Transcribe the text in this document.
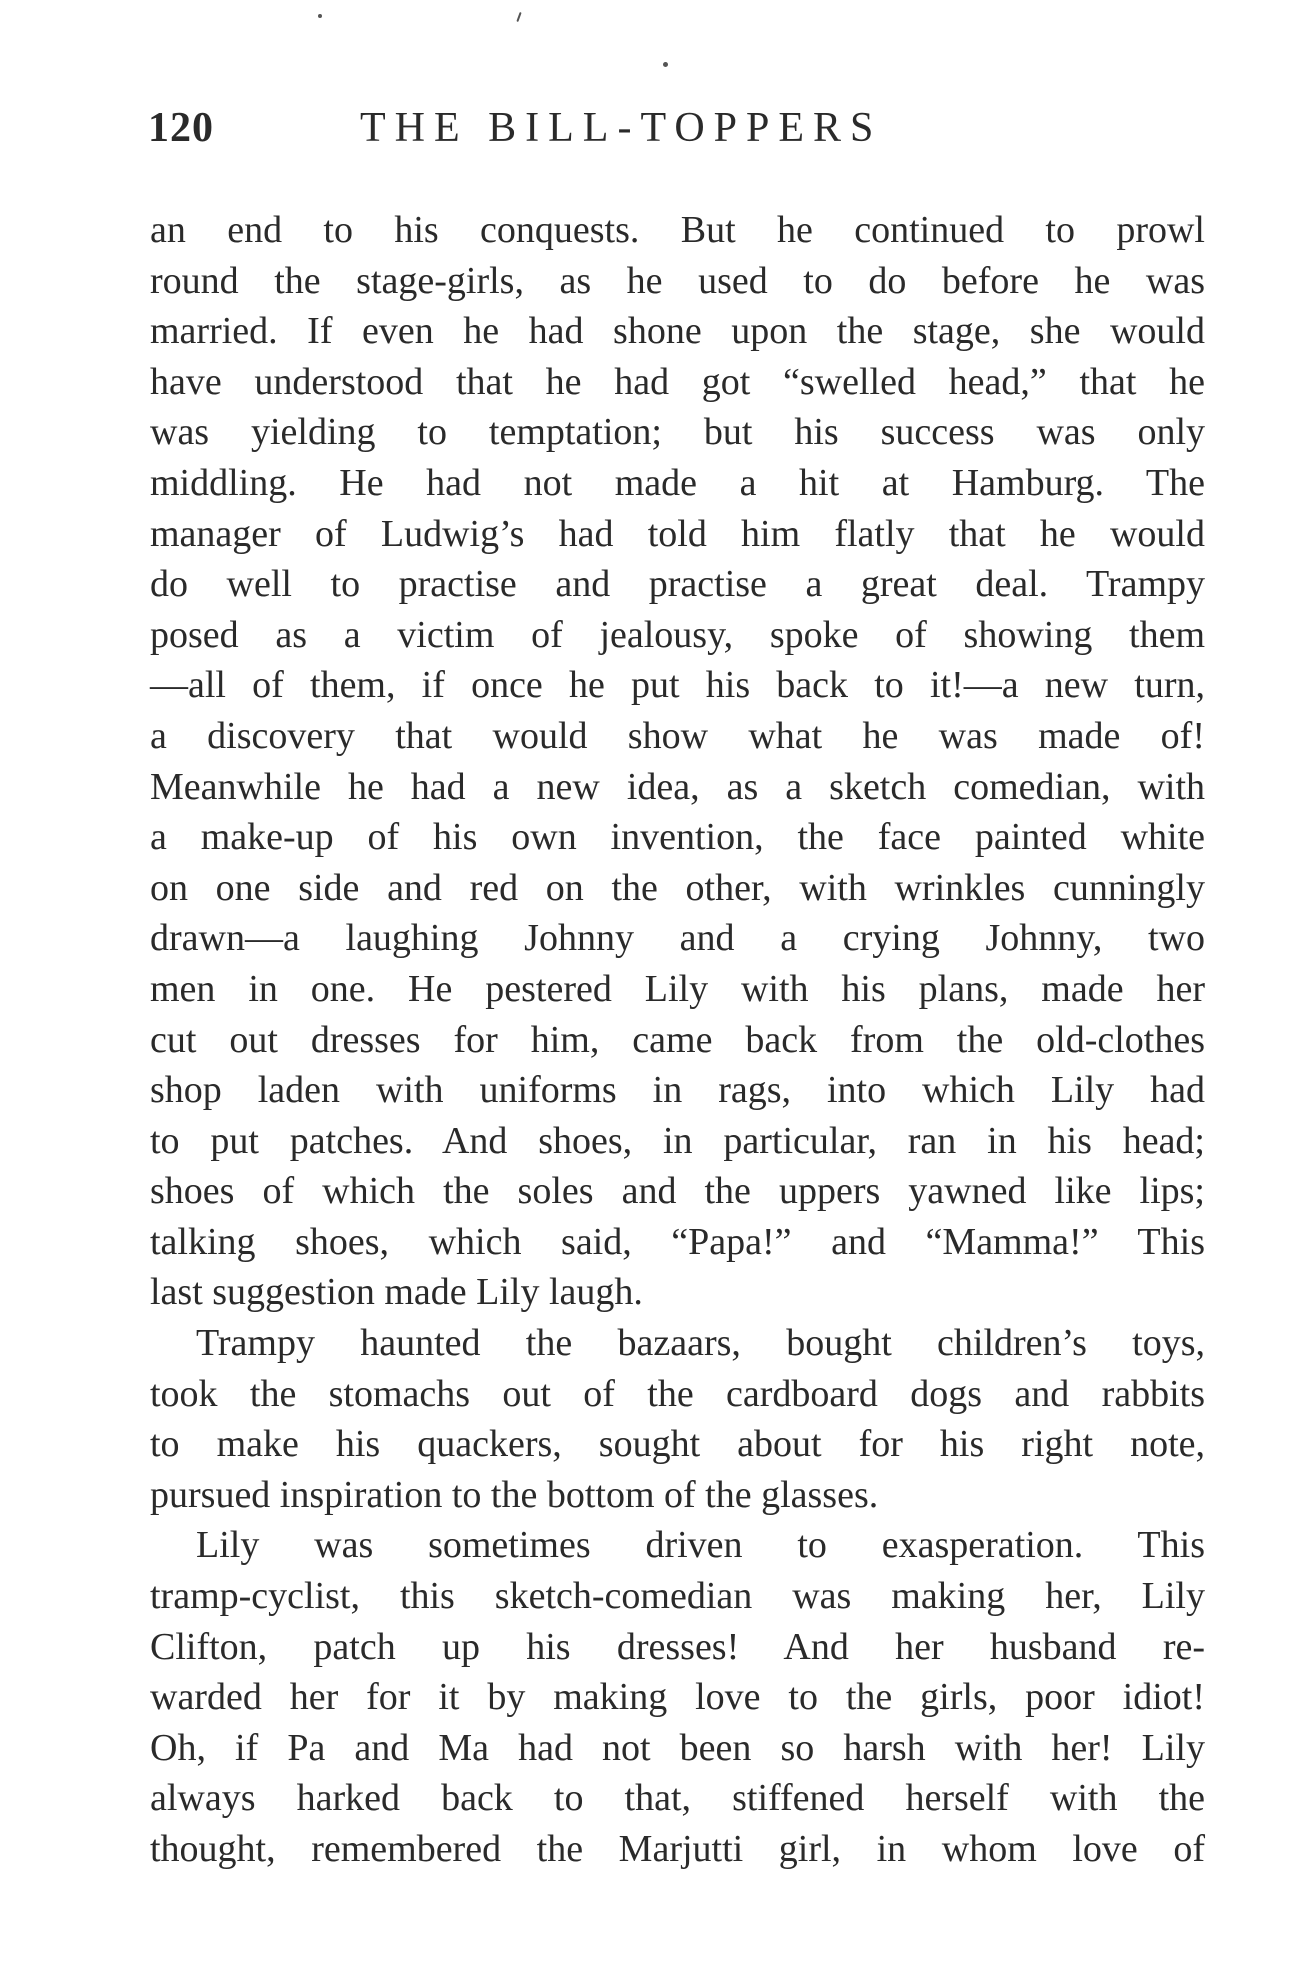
120	THE BILL-TOPPERS
an end to his conquests. But he continued to prowl
round the stage-girls, as he used to do before he was
married. If even he had shone upon the stage, she would
have understood that he had got “swelled head,” that he
was yielding to temptation; but his success was only
middling. He had not made a hit at Hamburg. The
manager of Ludwig’s had told him flatly that he would
do well to practise and practise a great deal. Trampy
posed as a victim of jealousy, spoke of showing them
—all of them, if once he put his back to it!—a new turn,
a discovery that would show what he was made of!
Meanwhile he had a new idea, as a sketch comedian, with
a make-up of his own invention, the face painted white
on one side and red on the other, with wrinkles cunningly
drawn—a laughing Johnny and a crying Johnny, two
men in one. He pestered Lily with his plans, made her
cut out dresses for him, came back from the old-clothes
shop laden with uniforms in rags, into which Lily had
to put patches. And shoes, in particular, ran in his head;
shoes of which the soles and the uppers yawned like lips;
talking shoes, which said, “Papa!” and “Mamma!” This
last suggestion made Lily laugh.
Trampy haunted the bazaars, bought children’s toys,
took the stomachs out of the cardboard dogs and rabbits
to make his quackers, sought about for his right note,
pursued inspiration to the bottom of the glasses.
Lily was sometimes driven to exasperation. This
tramp-cyclist, this sketch-comedian was making her, Lily
Clifton, patch up his dresses! And her husband re-
warded her for it by making love to the girls, poor idiot!
Oh, if Pa and Ma had not been so harsh with her! Lily
always harked back to that, stiffened herself with the
thought, remembered the Marjutti girl, in whom love of
